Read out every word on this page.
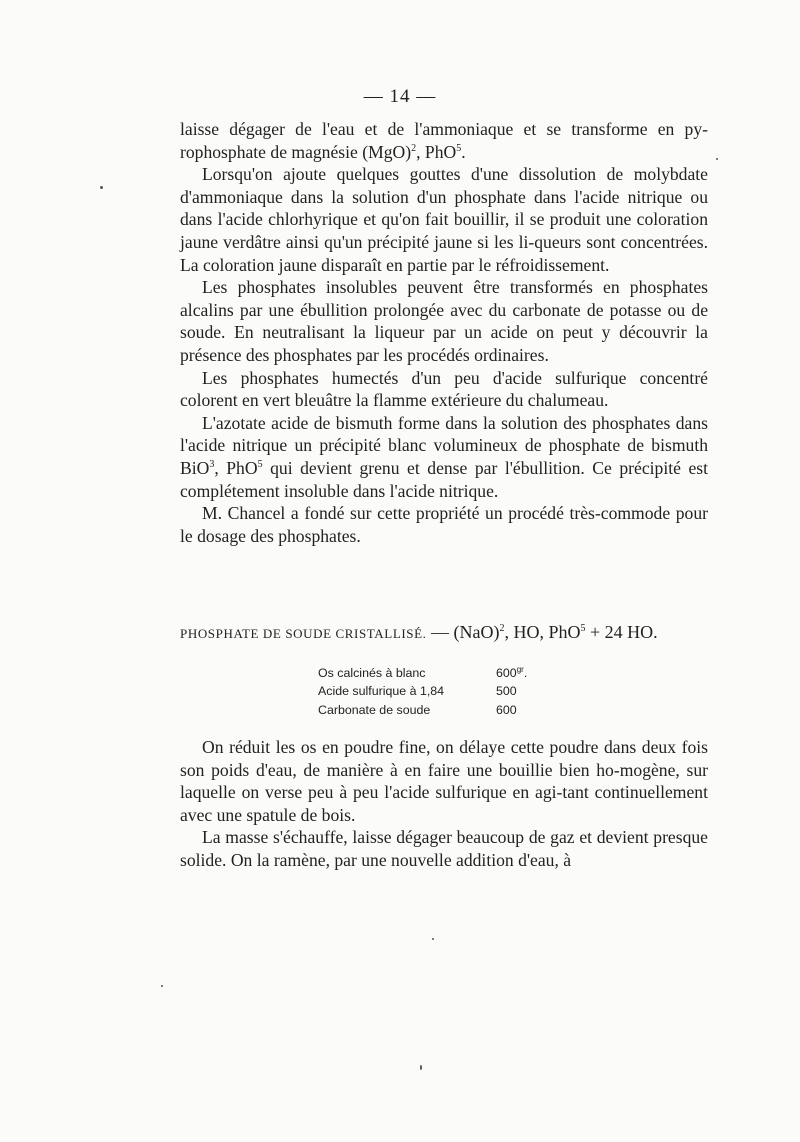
— 14 —

laisse dégager de l'eau et de l'ammoniaque et se transforme en py-rophosphate de magnésie (MgO)$^2$, PhO$^5$.

Lorsqu'on ajoute quelques gouttes d'une dissolution de molybdate d'ammoniaque dans la solution d'un phosphate dans l'acide nitrique ou dans l'acide chlorhyrique et qu'on fait bouillir, il se produit une coloration jaune verdâtre ainsi qu'un précipité jaune si les li-queurs sont concentrées. La coloration jaune disparaît en partie par le réfroidissement.

Les phosphates insolubles peuvent être transformés en phosphates alcalins par une ébullition prolongée avec du carbonate de potasse ou de soude. En neutralisant la liqueur par un acide on peut y découvrir la présence des phosphates par les procédés ordinaires.

Les phosphates humectés d'un peu d'acide sulfurique concentré colorent en vert bleuâtre la flamme extérieure du chalumeau.

L'azotate acide de bismuth forme dans la solution des phosphates dans l'acide nitrique un précipité blanc volumineux de phosphate de bismuth BiO$^3$, PhO$^5$ qui devient grenu et dense par l'ébullition. Ce précipité est complétement insoluble dans l'acide nitrique.

M. Chancel a fondé sur cette propriété un procédé très-commode pour le dosage des phosphates.

PHOSPHATE DE SOUDE CRISTALLISÉ. — (NaO)$^2$, HO, PhO$^5$ + 24 HO.
Os calcinés à blanc	$600^{gr}$.
Acide sulfurique à 1,84	500
Carbonate de soude	600

On réduit les os en poudre fine, on délaye cette poudre dans deux fois son poids d'eau, de manière à en faire une bouillie bien ho-mogène, sur laquelle on verse peu à peu l'acide sulfurique en agi-tant continuellement avec une spatule de bois.

La masse s'échauffe, laisse dégager beaucoup de gaz et devient presque solide. On la ramène, par une nouvelle addition d'eau, à
